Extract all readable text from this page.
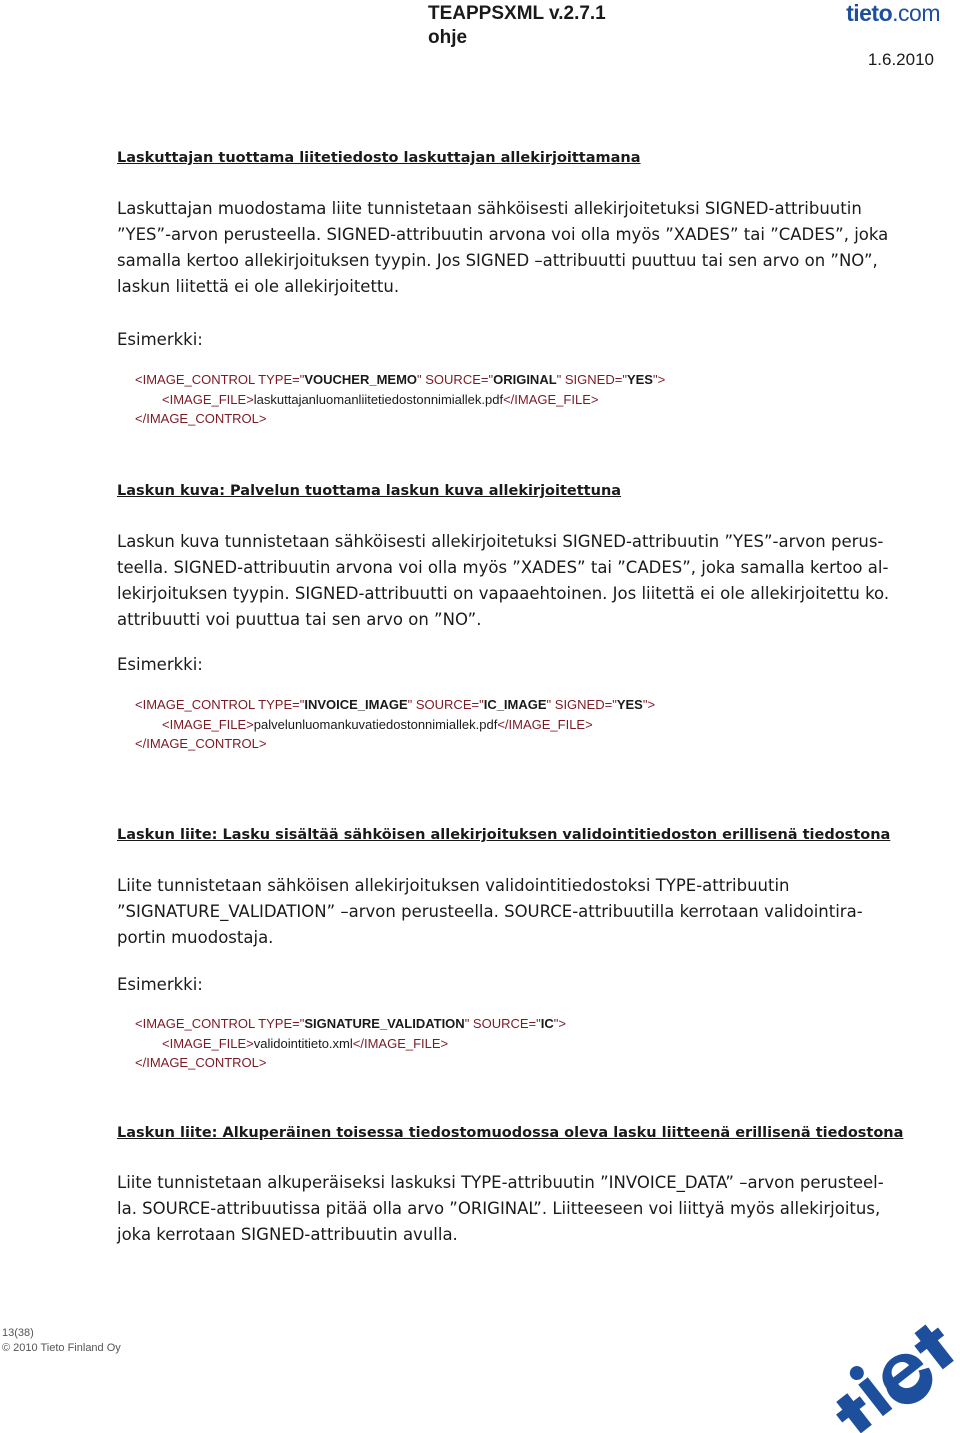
TEAPPSXML v.2.7.1
ohje
tieto.com
1.6.2010
Laskuttajan tuottama liitetiedosto laskuttajan allekirjoittamana
Laskuttajan muodostama liite tunnistetaan sähköisesti allekirjoitetuksi SIGNED-attribuutin
”YES”-arvon perusteella. SIGNED-attribuutin arvona voi olla myös ”XADES” tai ”CADES”, joka
samalla kertoo allekirjoituksen tyypin. Jos SIGNED –attribuutti puuttuu tai sen arvo on ”NO”,
laskun liitettä ei ole allekirjoitettu.
Esimerkki:
<IMAGE_CONTROL TYPE="VOUCHER_MEMO" SOURCE="ORIGINAL" SIGNED="YES">
<IMAGE_FILE>laskuttajanluomanliitetiedostonnimiallek.pdf</IMAGE_FILE>
</IMAGE_CONTROL>
Laskun kuva: Palvelun tuottama laskun kuva allekirjoitettuna
Laskun kuva tunnistetaan sähköisesti allekirjoitetuksi SIGNED-attribuutin ”YES”-arvon perus-
teella. SIGNED-attribuutin arvona voi olla myös ”XADES” tai ”CADES”, joka samalla kertoo al-
lekirjoituksen tyypin. SIGNED-attribuutti on vapaaehtoinen. Jos liitettä ei ole allekirjoitettu ko.
attribuutti voi puuttua tai sen arvo on ”NO”.
Esimerkki:
<IMAGE_CONTROL TYPE="INVOICE_IMAGE" SOURCE="IC_IMAGE" SIGNED="YES">
<IMAGE_FILE>palvelunluomankuvatiedostonnimiallek.pdf</IMAGE_FILE>
</IMAGE_CONTROL>
Laskun liite: Lasku sisältää sähköisen allekirjoituksen validointitiedoston erillisenä tiedostona
Liite tunnistetaan sähköisen allekirjoituksen validointitiedostoksi TYPE-attribuutin
”SIGNATURE_VALIDATION” –arvon perusteella. SOURCE-attribuutilla kerrotaan validointira-
portin muodostaja.
Esimerkki:
<IMAGE_CONTROL TYPE="SIGNATURE_VALIDATION" SOURCE="IC">
<IMAGE_FILE>validointitieto.xml</IMAGE_FILE>
</IMAGE_CONTROL>
Laskun liite: Alkuperäinen toisessa tiedostomuodossa oleva lasku liitteenä erillisenä tiedostona
Liite tunnistetaan alkuperäiseksi laskuksi TYPE-attribuutin ”INVOICE_DATA” –arvon perusteel-
la. SOURCE-attribuutissa pitää olla arvo ”ORIGINAL”. Liitteeseen voi liittyä myös allekirjoitus,
joka kerrotaan SIGNED-attribuutin avulla.
13(38)
© 2010 Tieto Finland Oy
